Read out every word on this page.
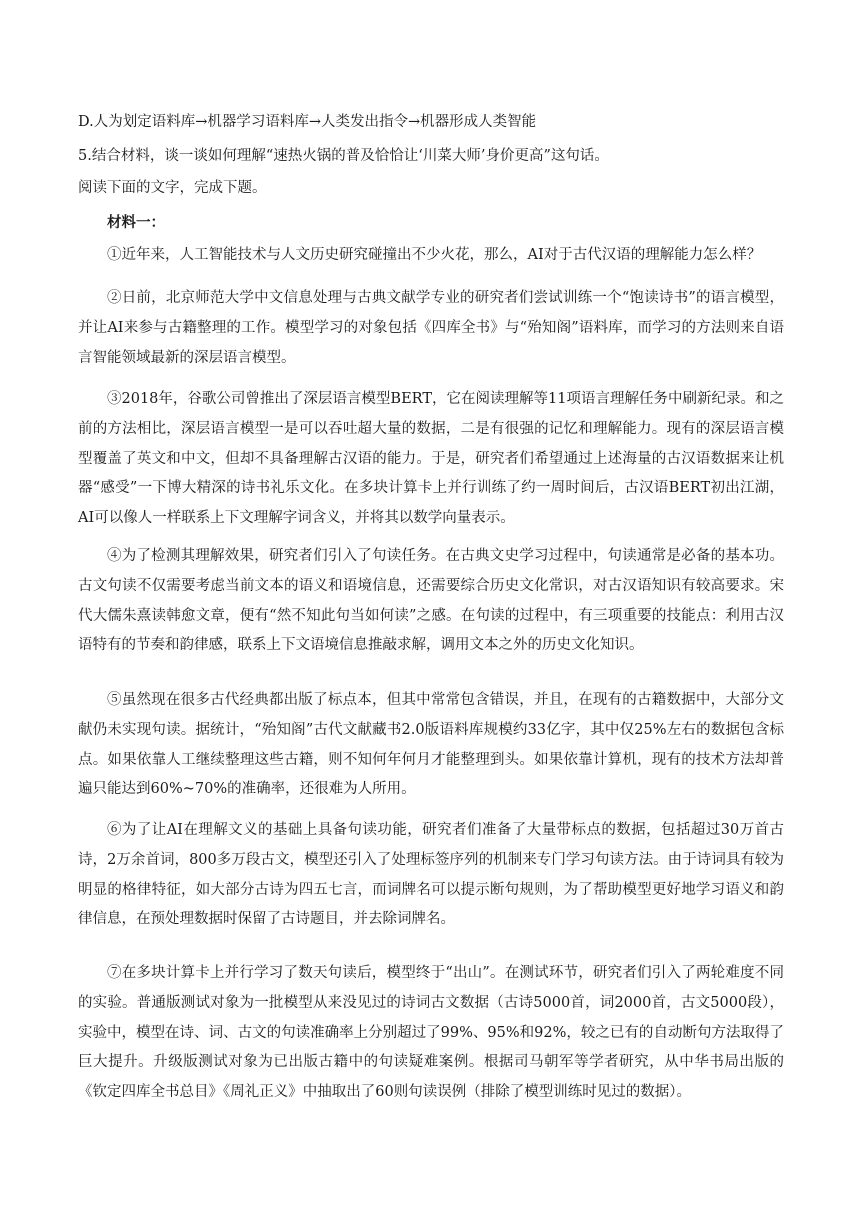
D.人为划定语料库→机器学习语料库→人类发出指令→机器形成人类智能
5.结合材料，谈一谈如何理解“速热火锅的普及恰恰让‘川菜大师’身价更高”这句话。
阅读下面的文字，完成下题。
材料一：

①近年来，人工智能技术与人文历史研究碰撞出不少火花，那么，AI对于古代汉语的理解能力怎么样？

②日前，北京师范大学中文信息处理与古典文献学专业的研究者们尝试训练一个“饱读诗书”的语言模型，并让AI来参与古籍整理的工作。模型学习的对象包括《四库全书》与“殆知阁”语料库，而学习的方法则来自语言智能领域最新的深层语言模型。

③2018年，谷歌公司曾推出了深层语言模型BERT，它在阅读理解等11项语言理解任务中刷新纪录。和之前的方法相比，深层语言模型一是可以吞吐超大量的数据，二是有很强的记忆和理解能力。现有的深层语言模型覆盖了英文和中文，但却不具备理解古汉语的能力。于是，研究者们希望通过上述海量的古汉语数据来让机器“感受”一下博大精深的诗书礼乐文化。在多块计算卡上并行训练了约一周时间后，古汉语BERT初出江湖，AI可以像人一样联系上下文理解字词含义，并将其以数学向量表示。

④为了检测其理解效果，研究者们引入了句读任务。在古典文史学习过程中，句读通常是必备的基本功。古文句读不仅需要考虑当前文本的语义和语境信息，还需要综合历史文化常识，对古汉语知识有较高要求。宋代大儒朱熹读韩愈文章，便有“然不知此句当如何读”之感。在句读的过程中，有三项重要的技能点：利用古汉语特有的节奏和韵律感，联系上下文语境信息推敲求解，调用文本之外的历史文化知识。

⑤虽然现在很多古代经典都出版了标点本，但其中常常包含错误，并且，在现有的古籍数据中，大部分文献仍未实现句读。据统计，“殆知阁”古代文献藏书2.0版语料库规模约33亿字，其中仅25%左右的数据包含标点。如果依靠人工继续整理这些古籍，则不知何年何月才能整理到头。如果依靠计算机，现有的技术方法却普遍只能达到60%~70%的准确率，还很难为人所用。

⑥为了让AI在理解文义的基础上具备句读功能，研究者们准备了大量带标点的数据，包括超过30万首古诗，2万余首词，800多万段古文，模型还引入了处理标签序列的机制来专门学习句读方法。由于诗词具有较为明显的格律特征，如大部分古诗为四五七言，而词牌名可以提示断句规则，为了帮助模型更好地学习语义和韵律信息，在预处理数据时保留了古诗题目，并去除词牌名。

⑦在多块计算卡上并行学习了数天句读后，模型终于“出山”。在测试环节，研究者们引入了两轮难度不同的实验。普通版测试对象为一批模型从来没见过的诗词古文数据（古诗5000首，词2000首，古文5000段），实验中，模型在诗、词、古文的句读准确率上分别超过了99%、95%和92%，较之已有的自动断句方法取得了巨大提升。升级版测试对象为已出版古籍中的句读疑难案例。根据司马朝军等学者研究，从中华书局出版的《钦定四库全书总目》《周礼正义》中抽取出了60则句读误例（排除了模型训练时见过的数据）。
